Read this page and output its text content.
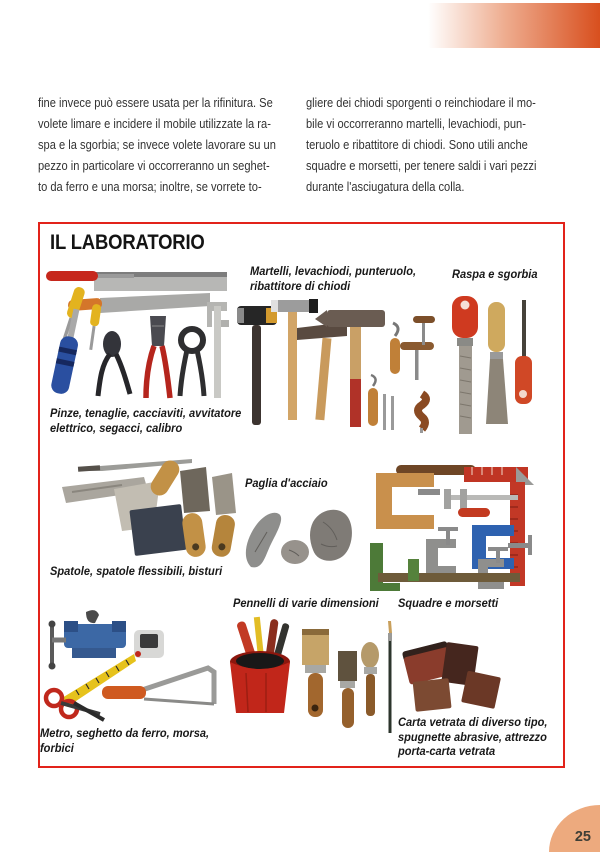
fine invece può essere usata per la rifinitura. Se
volete limare e incidere il mobile utilizzate la ra-
spa e la sgorbia; se invece volete lavorare su un
pezzo in particolare vi occorreranno un seghet-
to da ferro e una morsa; inoltre, se vorrete to-
gliere dei chiodi sporgenti o reinchiodare il mo-
bile vi occorreranno martelli, levachiodi, pun-
teruolo e ribattitore di chiodi. Sono utili anche
squadre e morsetti, per tenere saldi i vari pezzi
durante l'asciugatura della colla.
IL LABORATORIO
Martelli, levachiodi, punteruolo,
ribattitore di chiodi
Raspa e sgorbia
Pinze, tenaglie, cacciaviti, avvitatore
elettrico, segacci, calibro
Paglia d'acciaio
Spatole, spatole flessibili, bisturi
Pennelli di varie dimensioni Squadre e morsetti
Metro, seghetto da ferro, morsa,
forbici
Carta vetrata di diverso tipo,
spugnette abrasive, attrezzo
porta-carta vetrata
25
